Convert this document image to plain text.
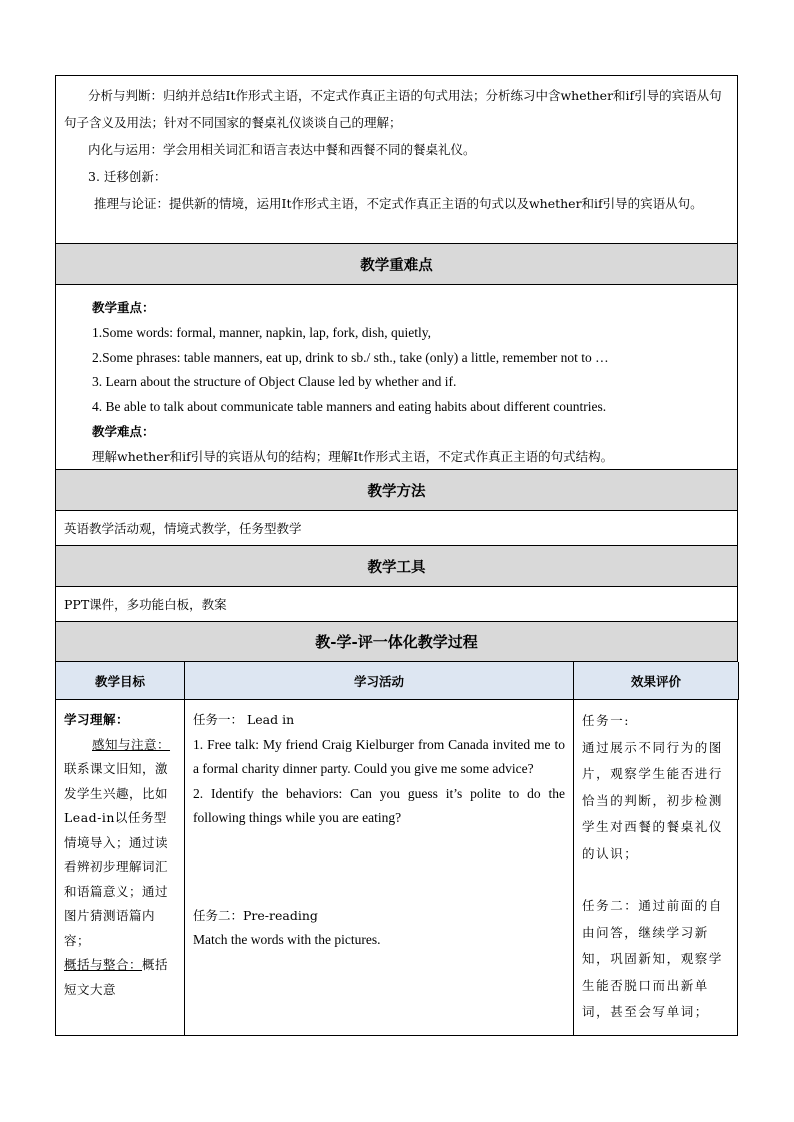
分析与判断：归纳并总结It作形式主语，不定式作真正主语的句式用法；分析练习中含whether和if引导的宾语从句句子含义及用法；针对不同国家的餐桌礼仪谈谈自己的理解；

内化与运用：学会用相关词汇和语言表达中餐和西餐不同的餐桌礼仪。

3. 迁移创新：

推理与论证：提供新的情境，运用It作形式主语，不定式作真正主语的句式以及whether和if引导的宾语从句。

教学重难点

教学重点：

1.Some words: formal, manner, napkin, lap, fork, dish, quietly,

2.Some phrases: table manners, eat up, drink to sb./ sth., take (only) a little, remember not to …

3. Learn about the structure of Object Clause led by whether and if.

4. Be able to talk about communicate table manners and eating habits about different countries.

教学难点：

理解whether和if引导的宾语从句的结构；理解It作形式主语，不定式作真正主语的句式结构。

教学方法
英语教学活动观，情境式教学，任务型教学
教学工具
PPT课件，多功能白板，教案
教-学-评一体化教学过程
教学目标	学习活动	效果评价
学习理解：
感知与注意：
联系课文旧知，激发学生兴趣，比如Lead-in以任务型情境导入；通过读看辨初步理解词汇和语篇意义；通过图片猜测语篇内容；
概括与整合：概括短文大意

任务一： Lead in

1. Free talk: My friend Craig Kielburger from Canada invited me to a formal charity dinner party. Could you give me some advice?

2. Identify the behaviors: Can you guess it’s polite to do the following things while you are eating?

任务二：Pre-reading

Match the words with the pictures.

任务一:

通过展示不同行为的图片，观察学生能否进行恰当的判断，初步检测学生对西餐的餐桌礼仪的认识；

任务二：通过前面的自由问答，继续学习新知，巩固新知，观察学生能否脱口而出新单词，甚至会写单词；
